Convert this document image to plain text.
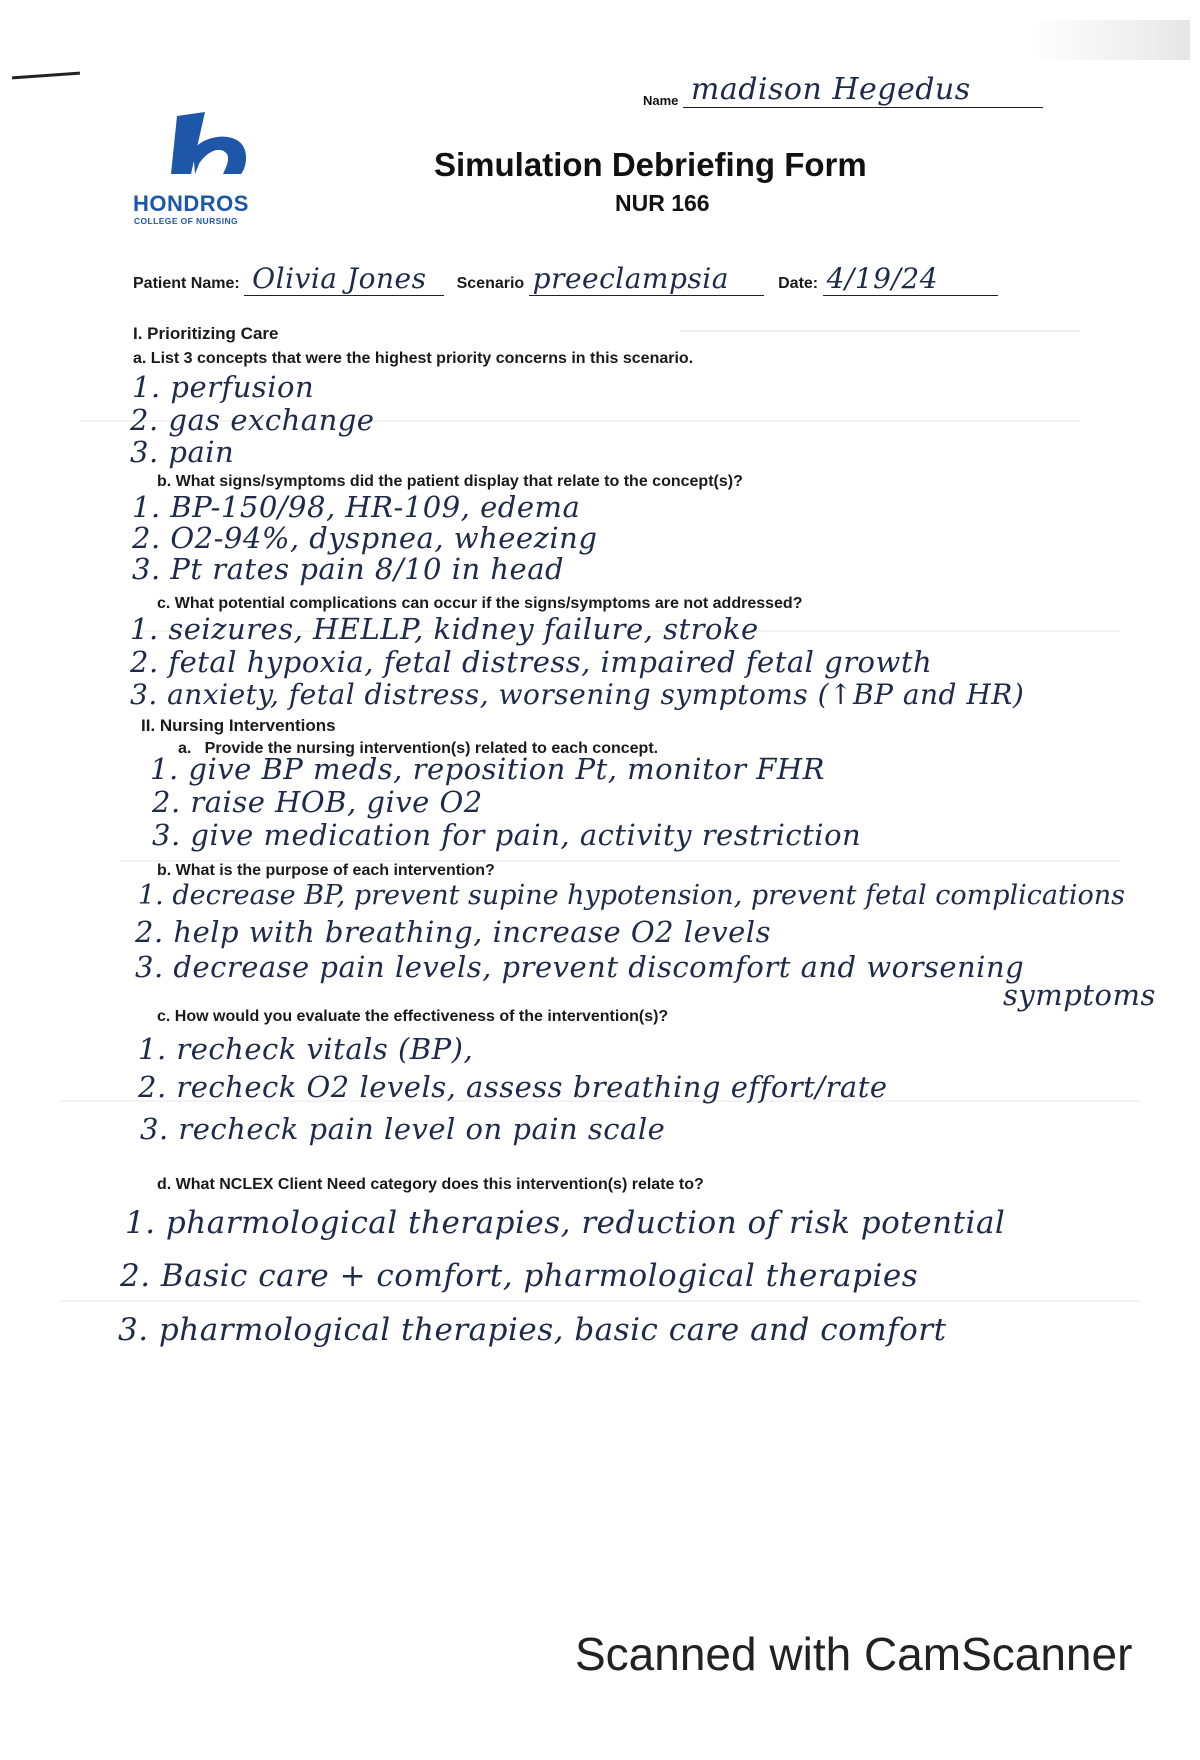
Name madison Hegedus
HONDROS
COLLEGE OF NURSING
Simulation Debriefing Form
NUR 166
Patient Name: Olivia Jones Scenario preeclampsia	Date: 4/19/24
I. Prioritizing Care
a. List 3 concepts that were the highest priority concerns in this scenario.
1. perfusion
2. gas exchange
3. pain
b. What signs/symptoms did the patient display that relate to the concept(s)?
1. BP-150/98, HR-109, edema
2. O2-94%, dyspnea, wheezing
3. Pt rates pain 8/10 in head
c. What potential complications can occur if the signs/symptoms are not addressed?
1. seizures, HELLP, kidney failure, stroke
2. fetal hypoxia, fetal distress, impaired fetal growth
3. anxiety, fetal distress, worsening symptoms (↑BP and HR)
II. Nursing Interventions
a.   Provide the nursing intervention(s) related to each concept.
1. give BP meds, reposition Pt, monitor FHR
2. raise HOB, give O2
3. give medication for pain, activity restriction
b. What is the purpose of each intervention?
1. decrease BP, prevent supine hypotension, prevent fetal complications
2. help with breathing, increase O2 levels
3. decrease pain levels, prevent discomfort and worsening
symptoms
c. How would you evaluate the effectiveness of the intervention(s)?
1. recheck vitals (BP),
2. recheck O2 levels, assess breathing effort/rate
3. recheck pain level on pain scale
d. What NCLEX Client Need category does this intervention(s) relate to?
1. pharmological therapies, reduction of risk potential
2. Basic care + comfort, pharmological therapies
3. pharmological therapies, basic care and comfort
Scanned with CamScanner
